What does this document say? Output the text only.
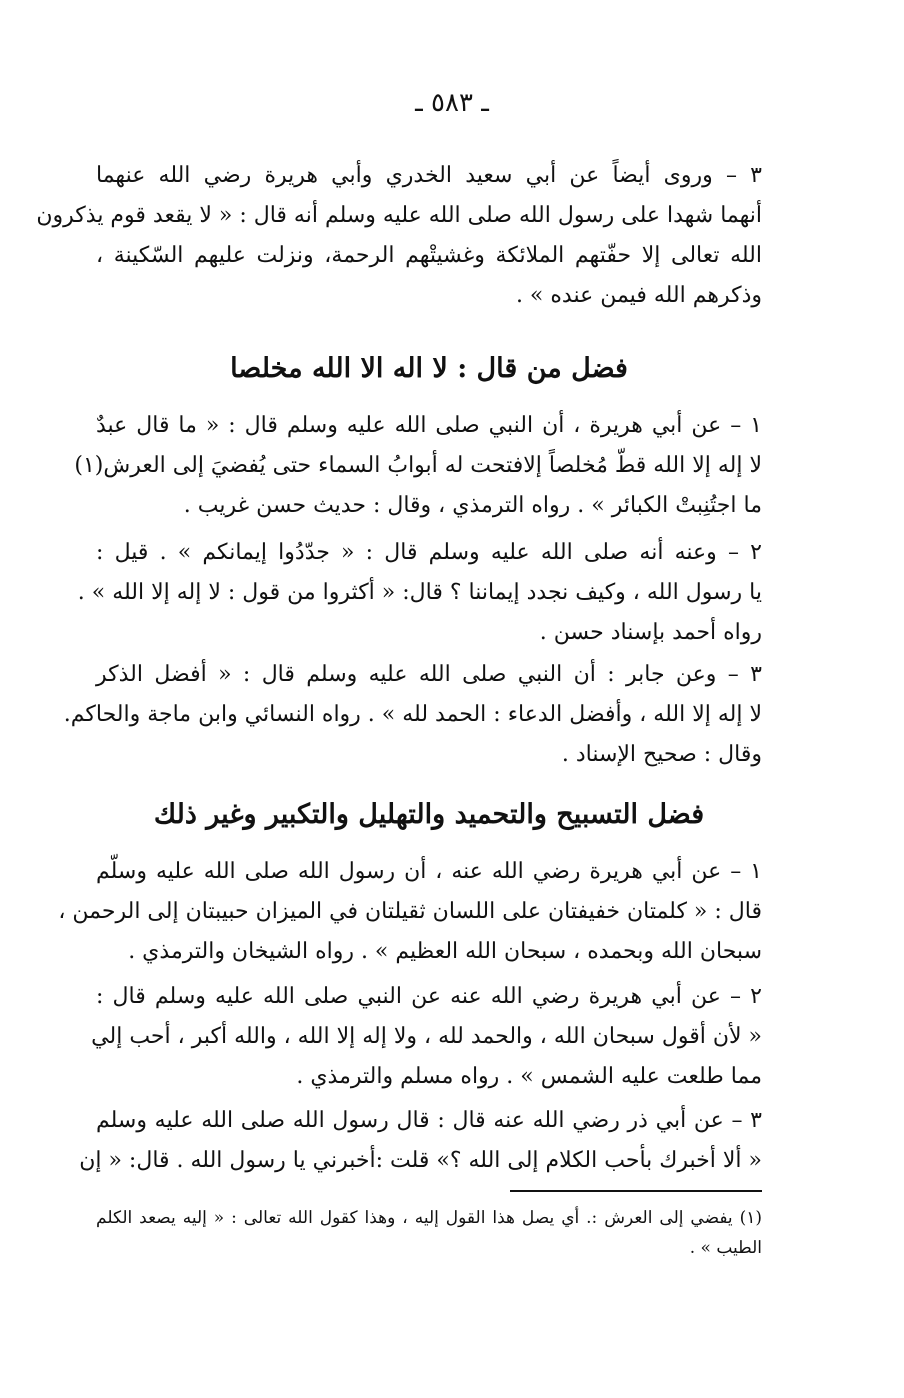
ـ ٥٨٣ ـ
٣ – وروى أيضاً عن أبي سعيد الخدري وأبي هريرة رضي الله عنهما
أنهما شهدا على رسول الله صلى الله عليه وسلم أنه قال : « لا يقعد قوم يذكرون
الله تعالى إلا حفّتهم الملائكة وغشيتْهم الرحمة، ونزلت عليهم السّكينة ،
وذكرهم الله فيمن عنده » .
فضل من قال : لا اله الا الله مخلصا
١ – عن أبي هريرة ، أن النبي صلى الله عليه وسلم قال : « ما قال عبدٌ
لا إله إلا الله قطّ مُخلصاً إلافتحت له أبوابُ السماء حتى يُفضيَ إلى العرش(١)
ما اجتُنِبتْ الكبائر » . رواه الترمذي ، وقال : حديث حسن غريب .
٢ – وعنه أنه صلى الله عليه وسلم قال : « جدّدُوا إيمانكم » . قيل :
يا رسول الله ، وكيف نجدد إيماننا ؟ قال: « أكثروا من قول : لا إله إلا الله » .
رواه أحمد بإسناد حسن .
٣ – وعن جابر : أن النبي صلى الله عليه وسلم قال : « أفضل الذكر
لا إله إلا الله ، وأفضل الدعاء : الحمد لله » . رواه النسائي وابن ماجة والحاكم.
وقال : صحيح الإسناد .
فضل التسبيح والتحميد والتهليل والتكبير وغير ذلك
١ – عن أبي هريرة رضي الله عنه ، أن رسول الله صلى الله عليه وسلّم
قال : « كلمتان خفيفتان على اللسان ثقيلتان في الميزان حبيبتان إلى الرحمن ،
سبحان الله وبحمده ، سبحان الله العظيم » . رواه الشيخان والترمذي .
٢ – عن أبي هريرة رضي الله عنه عن النبي صلى الله عليه وسلم قال :
« لأن أقول سبحان الله ، والحمد لله ، ولا إله إلا الله ، والله أكبر ، أحب إلي
مما طلعت عليه الشمس » . رواه مسلم والترمذي .
٣ – عن أبي ذر رضي الله عنه قال : قال رسول الله صلى الله عليه وسلم
« ألا أخبرك بأحب الكلام إلى الله ؟» قلت :أخبرني يا رسول الله . قال: « إن
(١) يفضي إلى العرش :. أي يصل هذا القول إليه ، وهذا كقول الله تعالى : « إليه يصعد الكلم
الطيب » .
